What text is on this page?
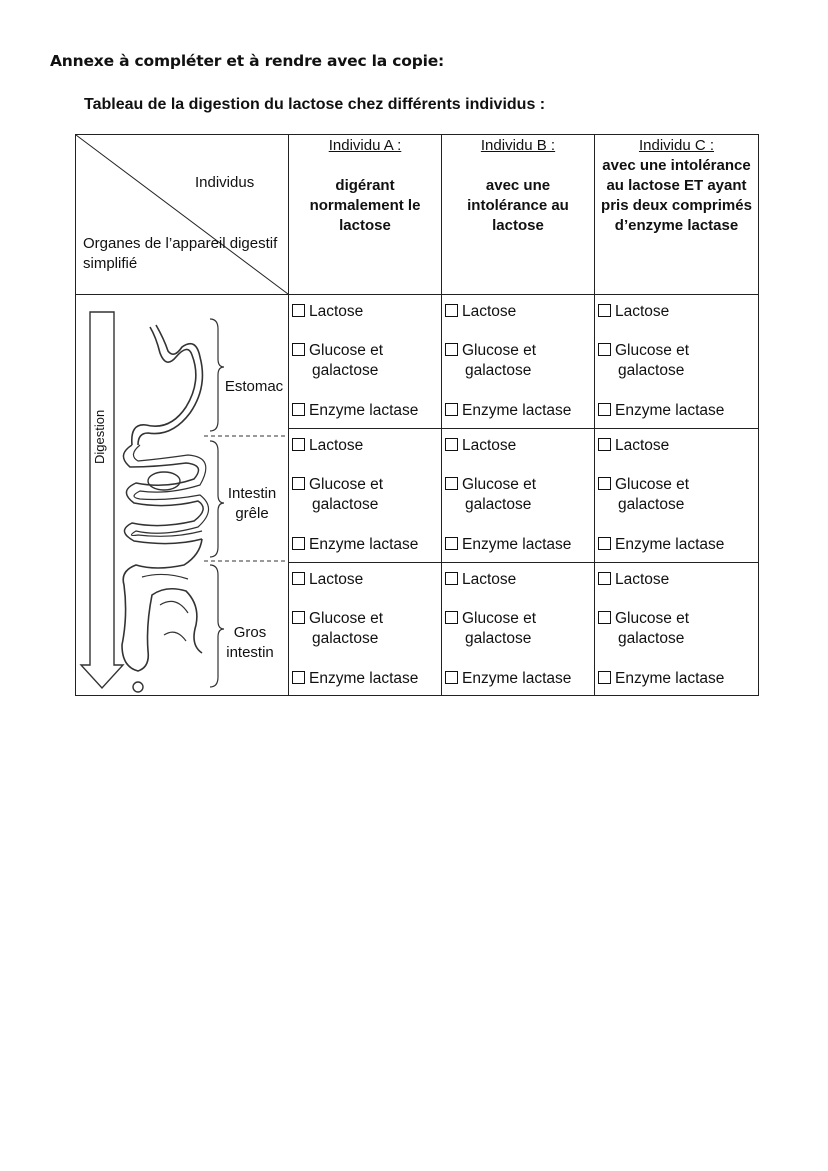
Annexe à compléter et à rendre avec la copie:
Tableau de la digestion du lactose chez différents individus :
Individus
Organes de l’appareil digestif simplifié
Individu A :
digérant normalement le lactose
Individu B :
avec une intolérance au lactose
Individu C :
avec une intolérance au lactose ET ayant pris deux comprimés d’enzyme lactase
Digestion
Estomac
Intestin grêle
Gros intestin
Lactose
Glucose et
galactose
Enzyme lactase
Lactose
Glucose et
galactose
Enzyme lactase
Lactose
Glucose et
galactose
Enzyme lactase
Lactose
Glucose et
galactose
Enzyme lactase
Lactose
Glucose et
galactose
Enzyme lactase
Lactose
Glucose et
galactose
Enzyme lactase
Lactose
Glucose et
galactose
Enzyme lactase
Lactose
Glucose et
galactose
Enzyme lactase
Lactose
Glucose et
galactose
Enzyme lactase
